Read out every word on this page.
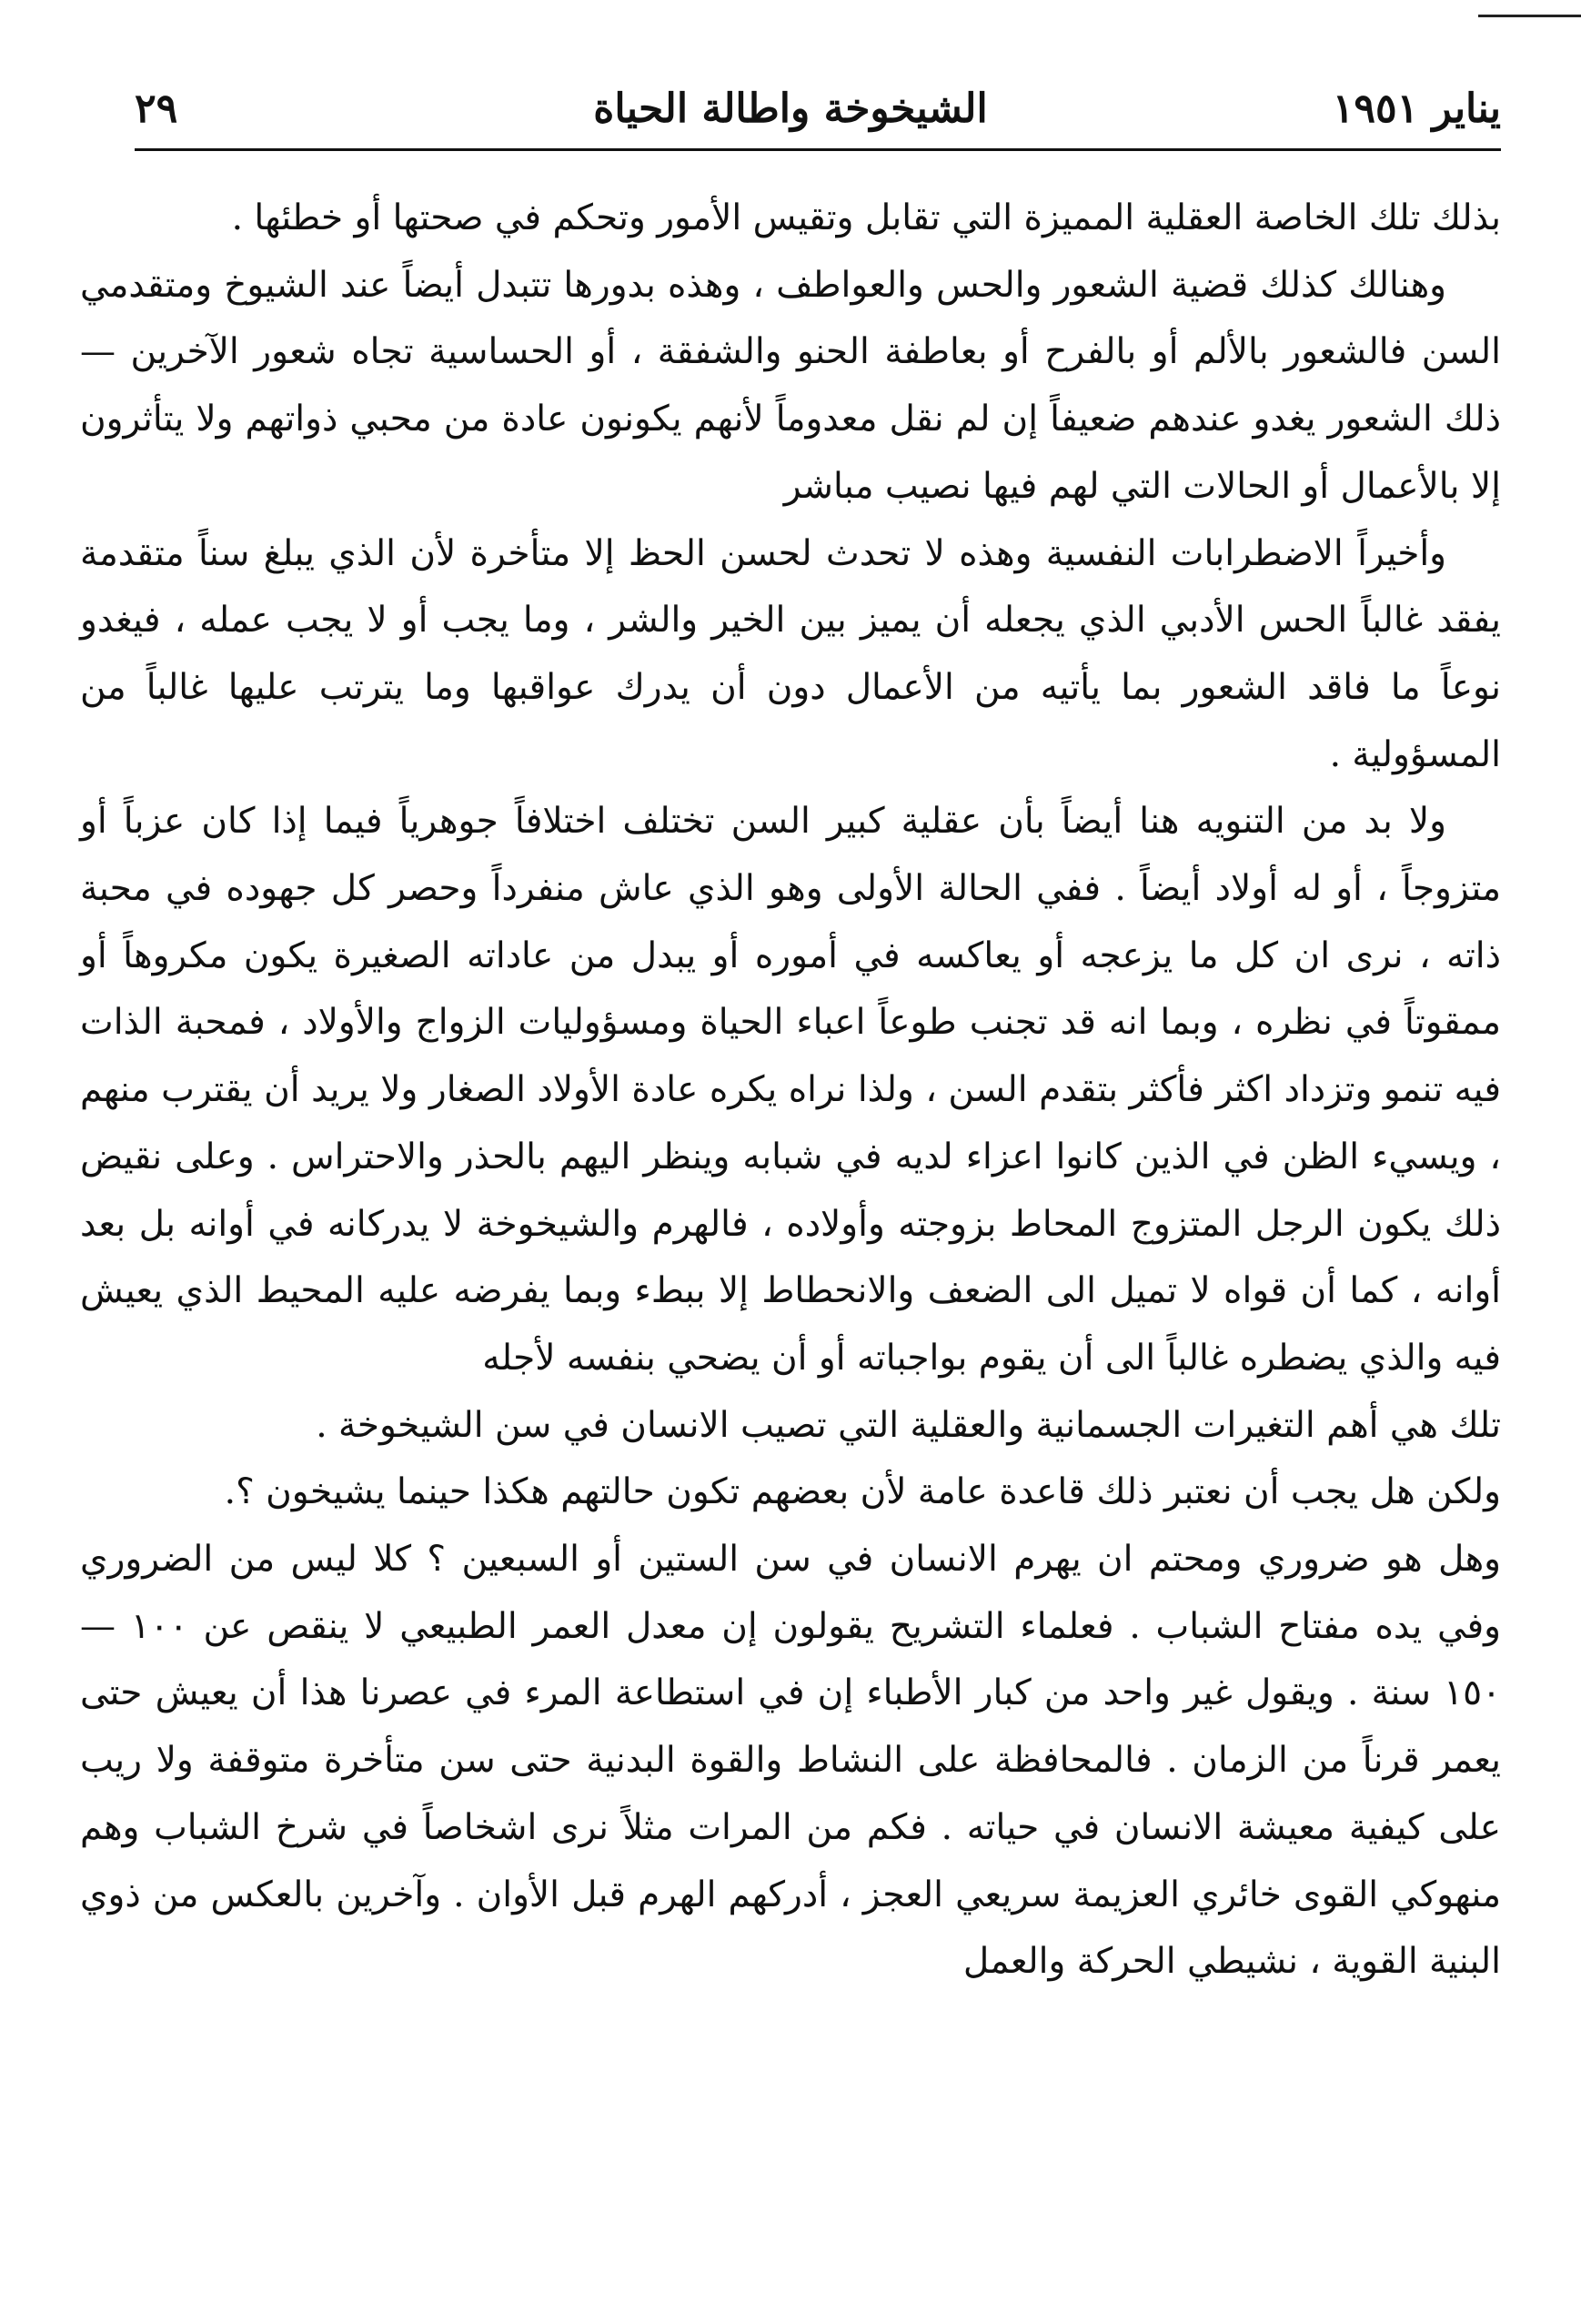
يناير ١٩٥١
الشيخوخة واطالة الحياة
٢٩

بذلك تلك الخاصة العقلية المميزة التي تقابل وتقيس الأمور وتحكم في صحتها أو خطئها .

وهنالك كذلك قضية الشعور والحس والعواطف ، وهذه بدورها تتبدل أيضاً عند الشيوخ ومتقدمي السن فالشعور بالألم أو بالفرح أو بعاطفة الحنو والشفقة ، أو الحساسية تجاه شعور الآخرين — ذلك الشعور يغدو عندهم ضعيفاً إن لم نقل معدوماً لأنهم يكونون عادة من محبي ذواتهم ولا يتأثرون إلا بالأعمال أو الحالات التي لهم فيها نصيب مباشر

وأخيراً الاضطرابات النفسية وهذه لا تحدث لحسن الحظ إلا متأخرة لأن الذي يبلغ سناً متقدمة يفقد غالباً الحس الأدبي الذي يجعله أن يميز بين الخير والشر ، وما يجب أو لا يجب عمله ، فيغدو نوعاً ما فاقد الشعور بما يأتيه من الأعمال دون أن يدرك عواقبها وما يترتب عليها غالباً من المسؤولية .

ولا بد من التنويه هنا أيضاً بأن عقلية كبير السن تختلف اختلافاً جوهرياً فيما إذا كان عزباً أو متزوجاً ، أو له أولاد أيضاً . ففي الحالة الأولى وهو الذي عاش منفرداً وحصر كل جهوده في محبة ذاته ، نرى ان كل ما يزعجه أو يعاكسه في أموره أو يبدل من عاداته الصغيرة يكون مكروهاً أو ممقوتاً في نظره ، وبما انه قد تجنب طوعاً اعباء الحياة ومسؤوليات الزواج والأولاد ، فمحبة الذات فيه تنمو وتزداد اكثر فأكثر بتقدم السن ، ولذا نراه يكره عادة الأولاد الصغار ولا يريد أن يقترب منهم ، ويسيء الظن في الذين كانوا اعزاء لديه في شبابه وينظر اليهم بالحذر والاحتراس . وعلى نقيض ذلك يكون الرجل المتزوج المحاط بزوجته وأولاده ، فالهرم والشيخوخة لا يدركانه في أوانه بل بعد أوانه ، كما أن قواه لا تميل الى الضعف والانحطاط إلا ببطء وبما يفرضه عليه المحيط الذي يعيش فيه والذي يضطره غالباً الى أن يقوم بواجباته أو أن يضحي بنفسه لأجله

تلك هي أهم التغيرات الجسمانية والعقلية التي تصيب الانسان في سن الشيخوخة .

ولكن هل يجب أن نعتبر ذلك قاعدة عامة لأن بعضهم تكون حالتهم هكذا حينما يشيخون ؟.

وهل هو ضروري ومحتم ان يهرم الانسان في سن الستين أو السبعين ؟ كلا ليس من الضروري وفي يده مفتاح الشباب . فعلماء التشريح يقولون إن معدل العمر الطبيعي لا ينقص عن ١٠٠ — ١٥٠ سنة . ويقول غير واحد من كبار الأطباء إن في استطاعة المرء في عصرنا هذا أن يعيش حتى يعمر قرناً من الزمان . فالمحافظة على النشاط والقوة البدنية حتى سن متأخرة متوقفة ولا ريب على كيفية معيشة الانسان في حياته . فكم من المرات مثلاً نرى اشخاصاً في شرخ الشباب وهم منهوكي القوى خائري العزيمة سريعي العجز ، أدركهم الهرم قبل الأوان . وآخرين بالعكس من ذوي البنية القوية ، نشيطي الحركة والعمل
